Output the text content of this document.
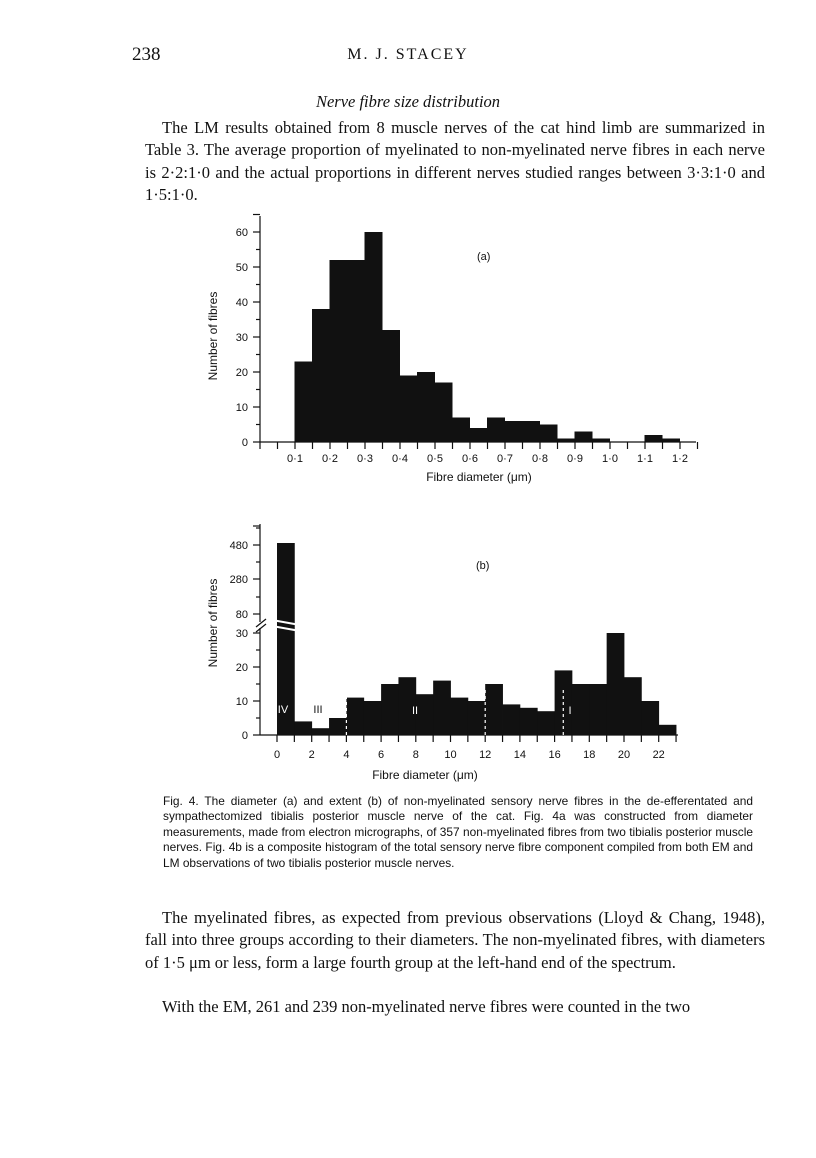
238	M. J. STACEY
Nerve fibre size distribution
The LM results obtained from 8 muscle nerves of the cat hind limb are summarized in Table 3. The average proportion of myelinated to non-myelinated nerve fibres in each nerve is 2·2:1·0 and the actual proportions in different nerves studied ranges between 3·3:1·0 and 1·5:1·0.
0
10
20
30
40
50
60
0·1 0·2 0·3 0·4 0·5 0·6 0·7 0·8 0·9 1·0 1·1 1·2
(a)
Fibre diameter (μm)
Number of fibres
0
10
20
30
80
280
480
0	2	4	6	8 10 12 14 16 18 20 22
IV III	II	I
(b)
Fibre diameter (μm)
Number of fibres
Fig. 4. The diameter (a) and extent (b) of non-myelinated sensory nerve fibres in the de-efferentated and sympathectomized tibialis posterior muscle nerve of the cat. Fig. 4a was constructed from diameter measurements, made from electron micrographs, of 357 non-myelinated fibres from two tibialis posterior muscle nerves. Fig. 4b is a composite histogram of the total sensory nerve fibre component compiled from both EM and LM observations of two tibialis posterior muscle nerves.
The myelinated fibres, as expected from previous observations (Lloyd & Chang, 1948), fall into three groups according to their diameters. The non-myelinated fibres, with diameters of 1·5 μm or less, form a large fourth group at the left-hand end of the spectrum.
With the EM, 261 and 239 non-myelinated nerve fibres were counted in the two
